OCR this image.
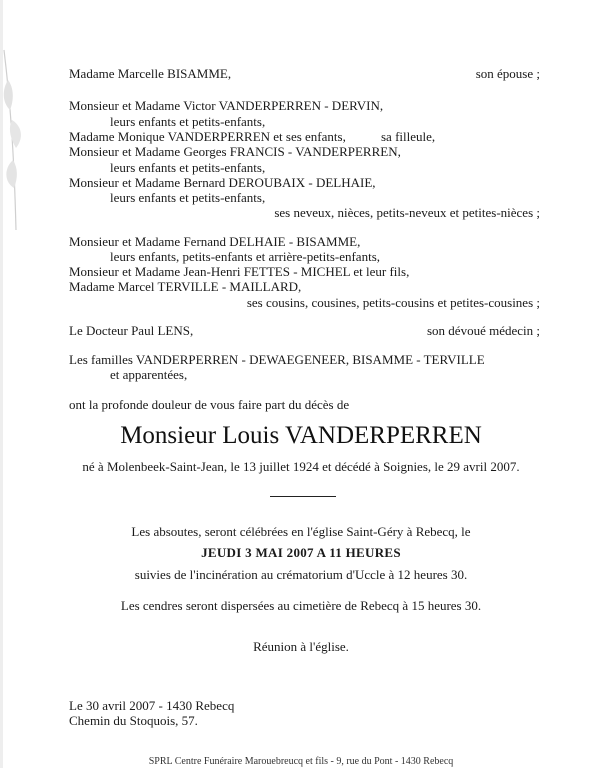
Madame Marcelle BISAMME,	son épouse ;
Monsieur et Madame Victor VANDERPERREN - DERVIN,
leurs enfants et petits-enfants,
Madame Monique VANDERPERREN et ses enfants,	sa filleule,
Monsieur et Madame Georges FRANCIS - VANDERPERREN,
leurs enfants et petits-enfants,
Monsieur et Madame Bernard DEROUBAIX - DELHAIE,
leurs enfants et petits-enfants,
ses neveux, nièces, petits-neveux et petites-nièces ;
Monsieur et Madame Fernand DELHAIE - BISAMME,
leurs enfants, petits-enfants et arrière-petits-enfants,
Monsieur et Madame Jean-Henri FETTES - MICHEL et leur fils,
Madame Marcel TERVILLE - MAILLARD,
ses cousins, cousines, petits-cousins et petites-cousines ;
Le Docteur Paul LENS,	son dévoué médecin ;
Les familles VANDERPERREN - DEWAEGENEER, BISAMME - TERVILLE
et apparentées,
ont la profonde douleur de vous faire part du décès de
Monsieur Louis VANDERPERREN
né à Molenbeek-Saint-Jean, le 13 juillet 1924 et décédé à Soignies, le 29 avril 2007.
Les absoutes, seront célébrées en l'église Saint-Géry à Rebecq, le
JEUDI 3 MAI 2007 A 11 HEURES
suivies de l'incinération au crématorium d'Uccle à 12 heures 30.
Les cendres seront dispersées au cimetière de Rebecq à 15 heures 30.
Réunion à l'église.
Le 30 avril 2007 - 1430 Rebecq
Chemin du Stoquois, 57.
SPRL Centre Funéraire Marouebreucq et fils - 9, rue du Pont - 1430 Rebecq
